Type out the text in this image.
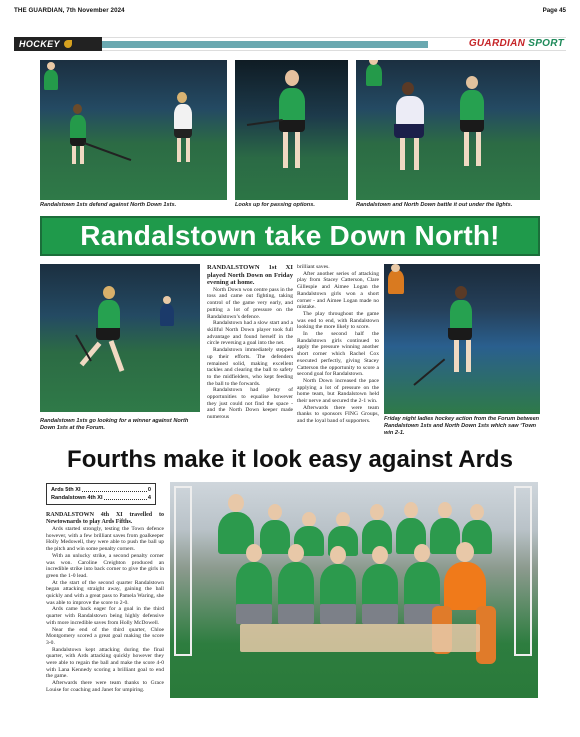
THE GUARDIAN, 7th November 2024	Page 45
HOCKEY	GUARDIAN SPORT
Randalstown 1sts defend against North Down 1sts.	Looks up for passing options.	Randalstown and North Down battle it out under the lights.
Randalstown take Down North!
Randalstown 1sts go looking for a winner against North Down 1sts at the Forum.

RANDALSTOWN 1st XI played North Down on Friday evening at home.

North Down won centre pass in the toss and came out fighting, taking control of the game very early, and putting a lot of pressure on the Randalstown’s defence.

Randalstown had a slow start and a skillful North Down player took full advantage and found herself in the circle reversing a goal into the net.

Randalstown immediately stepped up their efforts. The defenders remained solid, making excellent tackles and clearing the ball to safety to the midfielders, who kept feeding the ball to the forwards.

Randalstown had plenty of opportunities to equalise however they just could not find the space - and the North Down keeper made numerous

brilliant saves.

After another series of attacking play from Stacey Catterson, Clare Gillespie and Aimee Logan the Randalstown girls won a short corner - and Aimee Logan made no mistake.

The play throughout the game was end to end, with Randalstown looking the more likely to score.

In the second half the Randalstown girls continued to apply the pressure winning another short corner which Rachel Cox executed perfectly, giving Stacey Catterson the opportunity to score a second goal for Randalstown.

North Down increased the pace applying a lot of pressure on the home team, but Randalstown held their nerve and secured the 2-1 win.

Afterwards there were team thanks to sponsors FING Groups, and the loyal band of supporters.	Friday night ladies hockey action from the Forum between Randalstown 1sts and North Down 1sts which saw ‘Town win 2-1.
Fourths make it look easy against Ards
Ards 5th XI	0
Randalstown 4th XI	4

RANDALSTOWN 4th XI travelled to Newtownards to play Ards Fifths.

Ards started strongly, testing the Town defence however, with a few brilliant saves from goalkeeper Holly Medowell, they were able to push the ball up the pitch and win some penalty corners.

With an unlucky strike, a second penalty corner was won. Caroline Creighton produced an incredible strike into back corner to give the girls in green the 1-0 lead.

At the start of the second quarter Randalstown began attacking straight away, gaining the ball quickly and with a great pass to Pamela Waring, she was able to improve the score to 2-0.

Ards came back eager for a goal in the third quarter with Randalstown being highly defensive with more incredible saves from Holly McDowell.

Near the end of the third quarter, Chloe Montgomery scored a great goal making the score 3-0.

Randalstown kept attacking during the final quarter, with Ards attacking quickly however they were able to regain the ball and make the score 4-0 with Lana Kennedy scoring a brilliant goal to end the game.

Afterwards there were team thanks to Grace Louise for coaching and Janet for umpiring.
